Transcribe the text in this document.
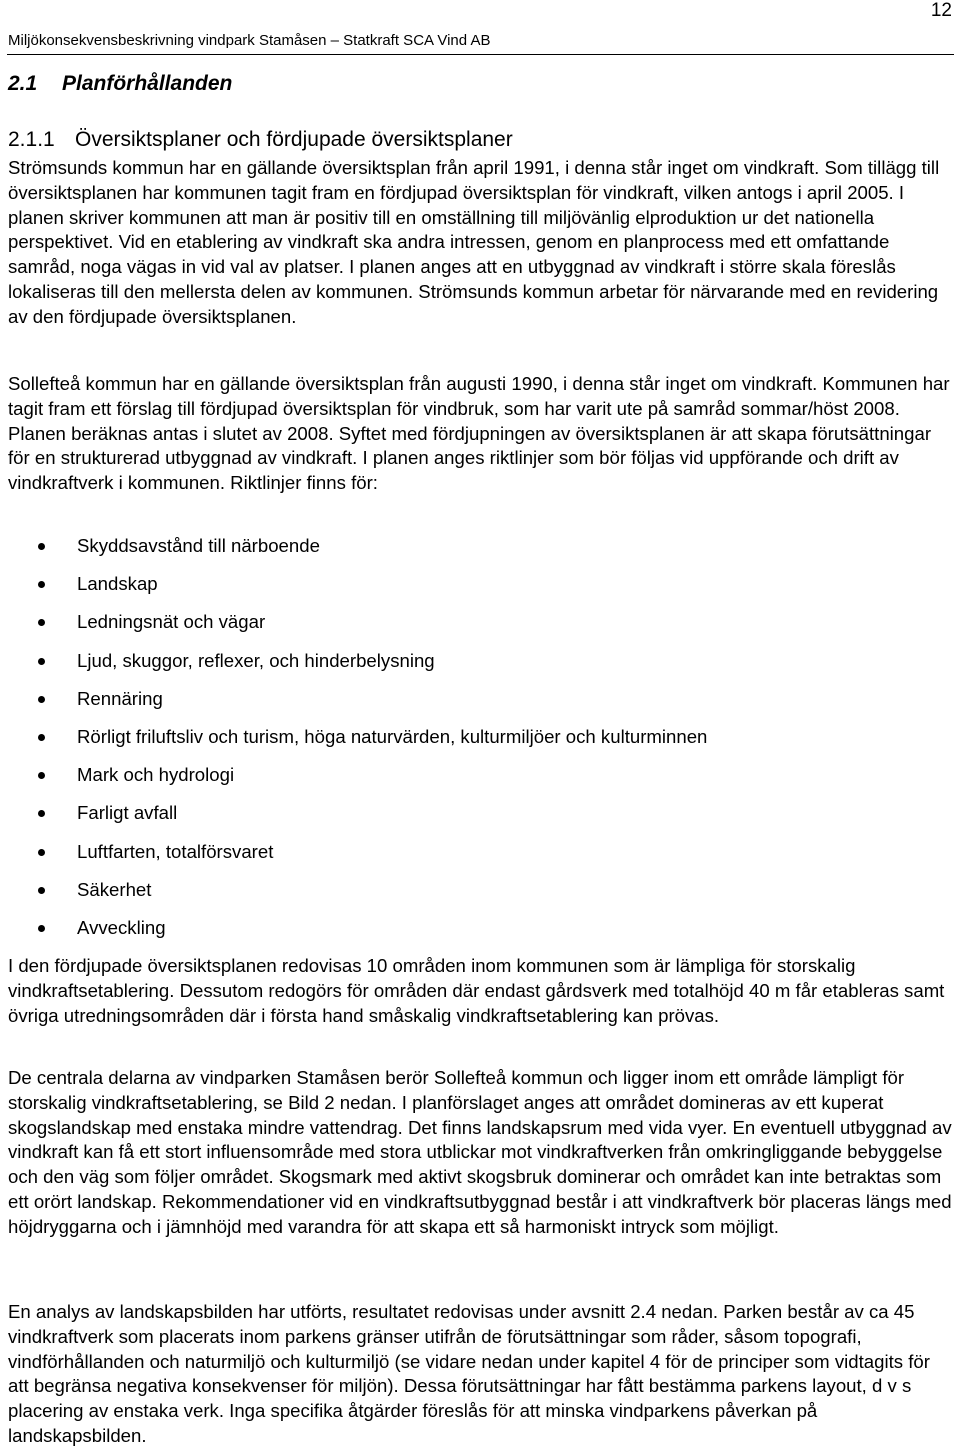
12
Miljökonsekvensbeskrivning vindpark Stamåsen – Statkraft SCA Vind AB
2.1 Planförhållanden
2.1.1 Översiktsplaner och fördjupade översiktsplaner

Strömsunds kommun har en gällande översiktsplan från april 1991, i denna står inget om vindkraft. Som tillägg till översiktsplanen har kommunen tagit fram en fördjupad översiktsplan för vindkraft, vilken antogs i april 2005. I planen skriver kommunen att man är positiv till en omställning till miljövänlig elproduktion ur det nationella perspektivet. Vid en etablering av vindkraft ska andra intressen, genom en planprocess med ett omfattande samråd, noga vägas in vid val av platser. I planen anges att en utbyggnad av vindkraft i större skala föreslås lokaliseras till den mellersta delen av kommunen. Strömsunds kommun arbetar för närvarande med en revidering av den fördjupade översiktsplanen.

Sollefteå kommun har en gällande översiktsplan från augusti 1990, i denna står inget om vindkraft. Kommunen har tagit fram ett förslag till fördjupad översiktsplan för vindbruk, som har varit ute på samråd sommar/höst 2008. Planen beräknas antas i slutet av 2008. Syftet med fördjupningen av översiktsplanen är att skapa förutsättningar för en strukturerad utbyggnad av vindkraft. I planen anges riktlinjer som bör följas vid uppförande och drift av vindkraftverk i kommunen. Riktlinjer finns för:

Skyddsavstånd till närboende
Landskap
Ledningsnät och vägar
Ljud, skuggor, reflexer, och hinderbelysning
Rennäring
Rörligt friluftsliv och turism, höga naturvärden, kulturmiljöer och kulturminnen
Mark och hydrologi
Farligt avfall
Luftfarten, totalförsvaret
Säkerhet
Avveckling

I den fördjupade översiktsplanen redovisas 10 områden inom kommunen som är lämpliga för storskalig vindkraftsetablering. Dessutom redogörs för områden där endast gårdsverk med totalhöjd 40 m får etableras samt övriga utredningsområden där i första hand småskalig vindkraftsetablering kan prövas.

De centrala delarna av vindparken Stamåsen berör Sollefteå kommun och ligger inom ett område lämpligt för storskalig vindkraftsetablering, se Bild 2 nedan. I planförslaget anges att området domineras av ett kuperat skogslandskap med enstaka mindre vattendrag. Det finns landskapsrum med vida vyer. En eventuell utbyggnad av vindkraft kan få ett stort influensområde med stora utblickar mot vindkraftverken från omkringliggande bebyggelse och den väg som följer området. Skogsmark med aktivt skogsbruk dominerar och området kan inte betraktas som ett orört landskap. Rekommendationer vid en vindkraftsutbyggnad består i att vindkraftverk bör placeras längs med höjdryggarna och i jämnhöjd med varandra för att skapa ett så harmoniskt intryck som möjligt.

En analys av landskapsbilden har utförts, resultatet redovisas under avsnitt 2.4 nedan. Parken består av ca 45 vindkraftverk som placerats inom parkens gränser utifrån de förutsättningar som råder, såsom topografi, vindförhållanden och naturmiljö och kulturmiljö (se vidare nedan under kapitel 4 för de principer som vidtagits för att begränsa negativa konsekvenser för miljön). Dessa förutsättningar har fått bestämma parkens layout, d v s placering av enstaka verk. Inga specifika åtgärder föreslås för att minska vindparkens påverkan på landskapsbilden.
